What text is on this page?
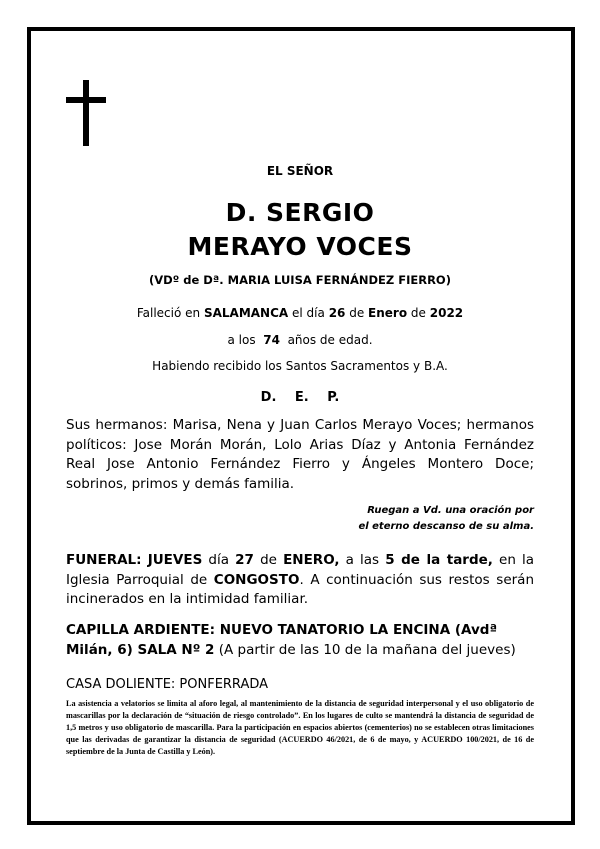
EL SEÑOR
D. SERGIO
MERAYO VOCES
(VDº de Dª. MARIA LUISA FERNÁNDEZ FIERRO)
Falleció en SALAMANCA el día 26 de Enero de 2022
a los 74 años de edad.
Habiendo recibido los Santos Sacramentos y B.A.
D. E. P.
Sus hermanos: Marisa, Nena y Juan Carlos Merayo Voces; hermanos políticos: Jose Morán Morán, Lolo Arias Díaz y Antonia Fernández Real Jose Antonio Fernández Fierro y Ángeles Montero Doce; sobrinos, primos y demás familia.
Ruegan a Vd. una oración por
el eterno descanso de su alma.
FUNERAL: JUEVES día 27 de ENERO, a las 5 de la tarde, en la Iglesia Parroquial de CONGOSTO. A continuación sus restos serán incinerados en la intimidad familiar.
CAPILLA ARDIENTE: NUEVO TANATORIO LA ENCINA (Avdª Milán, 6) SALA Nº 2 (A partir de las 10 de la mañana del jueves)
CASA DOLIENTE: PONFERRADA
La asistencia a velatorios se limita al aforo legal, al mantenimiento de la distancia de seguridad interpersonal y el uso obligatorio de mascarillas por la declaración de “situación de riesgo controlado”. En los lugares de culto se mantendrá la distancia de seguridad de 1,5 metros y uso obligatorio de mascarilla. Para la participación en espacios abiertos (cementerios) no se establecen otras limitaciones que las derivadas de garantizar la distancia de seguridad (ACUERDO 46/2021, de 6 de mayo, y ACUERDO 100/2021, de 16 de septiembre de la Junta de Castilla y León).
